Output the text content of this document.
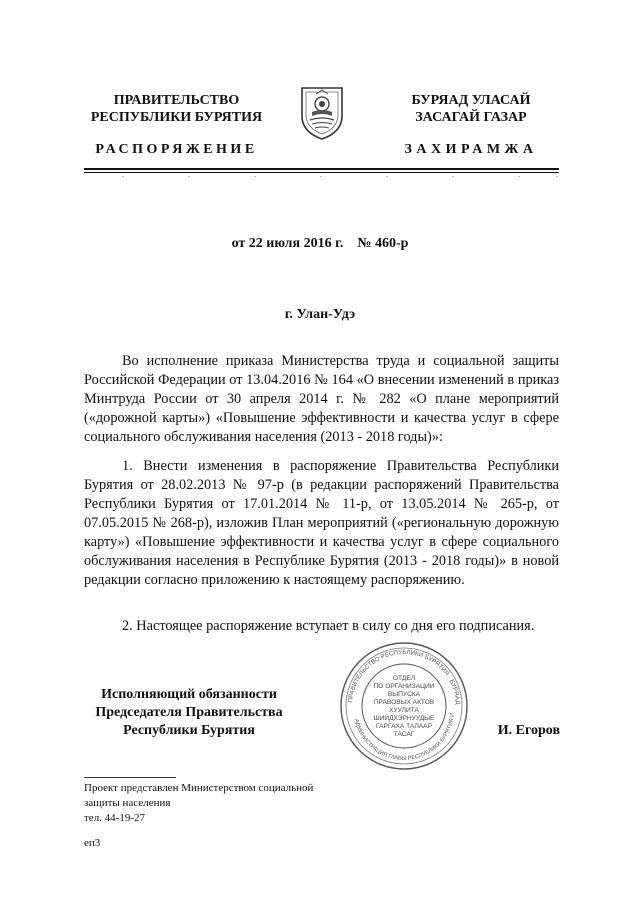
ПРАВИТЕЛЬСТВО
РЕСПУБЛИКИ БУРЯТИЯ
БУРЯАД УЛАСАЙ
ЗАСАГАЙ ГАЗАР
РАСПОРЯЖЕНИЕ	ЗАХИРАМЖА
от 22 июля 2016 г.    № 460-р
г. Улан-Удэ
Во исполнение приказа Министерства труда и социальной защиты Российской Федерации от 13.04.2016 № 164 «О внесении изменений в приказ Минтруда России от 30 апреля 2014 г. № 282 «О плане мероприятий («дорожной карты») «Повышение эффективности и качества услуг в сфере социального обслуживания населения (2013 - 2018 годы)»:
1. Внести изменения в распоряжение Правительства Республики Бурятия от 28.02.2013 № 97-р (в редакции распоряжений Правительства Республики Бурятия от 17.01.2014 № 11-р, от 13.05.2014 № 265-р, от 07.05.2015 № 268-р), изложив План мероприятий («региональную дорожную карту») «Повышение эффективности и качества услуг в сфере социального обслуживания населения в Республике Бурятия (2013 - 2018 годы)» в новой редакции согласно приложению к настоящему распоряжению.
2. Настоящее распоряжение вступает в силу со дня его подписания.
Исполняющий обязанности
Председателя Правительства
Республики Бурятия
ПРАВИТЕЛЬСТВО РЕСПУБЛИКИ БУРЯТИЯ · БУРЯАД
АДМИНИСТРАЦИЯ ГЛАВЫ РЕСПУБЛИКИ БУРЯТИЯ И
ОТДЕЛ
ПО ОРГАНИЗАЦИИ
ВЫПУСКА
ПРАВОВЫХ АКТОВ
ХУУЛИТА
ШИИДХЭРНУУДЫЕ
ГАРГАХА ТАЛААР
ТАСАГ	И. Егоров
Проект представлен Министерством социальной
защиты населения
тел. 44-19-27
еп3
